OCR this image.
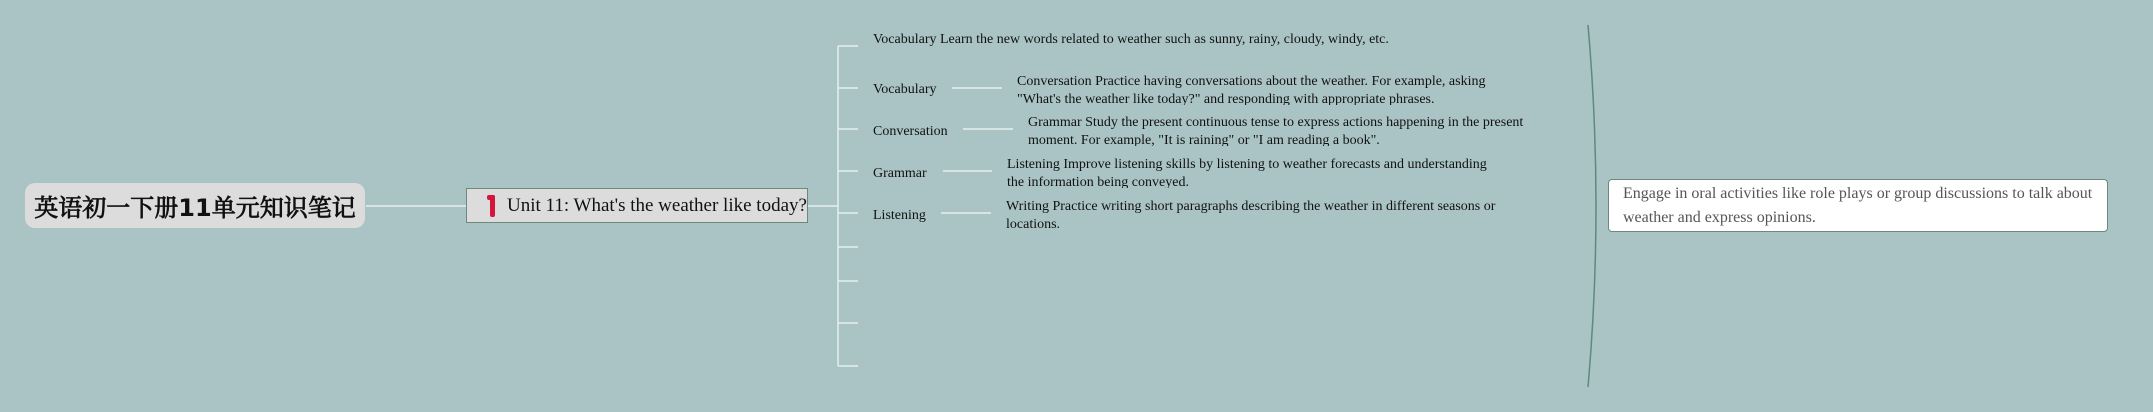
英语初一下册11单元知识笔记	Unit 11: What's the weather like today?
Vocabulary Learn the new words related to weather such as sunny, rainy, cloudy, windy, etc.
Vocabulary
Conversation Practice having conversations about the weather. For example, asking "What's the weather like today?" and responding with appropriate phrases.
Conversation
Grammar Study the present continuous tense to express actions happening in the present moment. For example, "It is raining" or "I am reading a book".
Grammar
Listening Improve listening skills by listening to weather forecasts and understanding the information being conveyed.
Listening
Writing Practice writing short paragraphs describing the weather in different seasons or locations.
Engage in oral activities like role plays or group discussions to talk about weather and express opinions.
